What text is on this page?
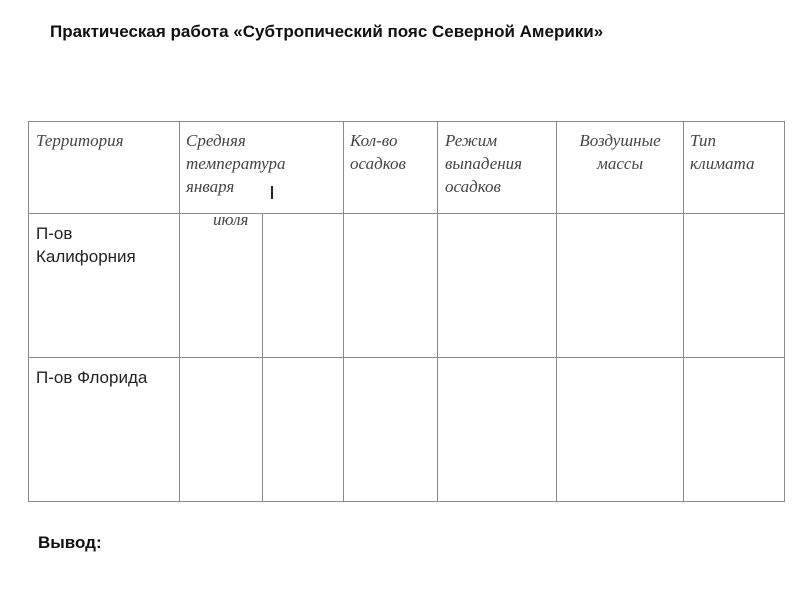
Практическая работа «Субтропический пояс Северной Америки»
Территория	Средняя
температура
января
июля
Кол-во
осадков
Режим
выпадения
осадков
Воздушные
массы
Тип
климата
П-ов
Калифорния
П-ов Флорида
Вывод:
